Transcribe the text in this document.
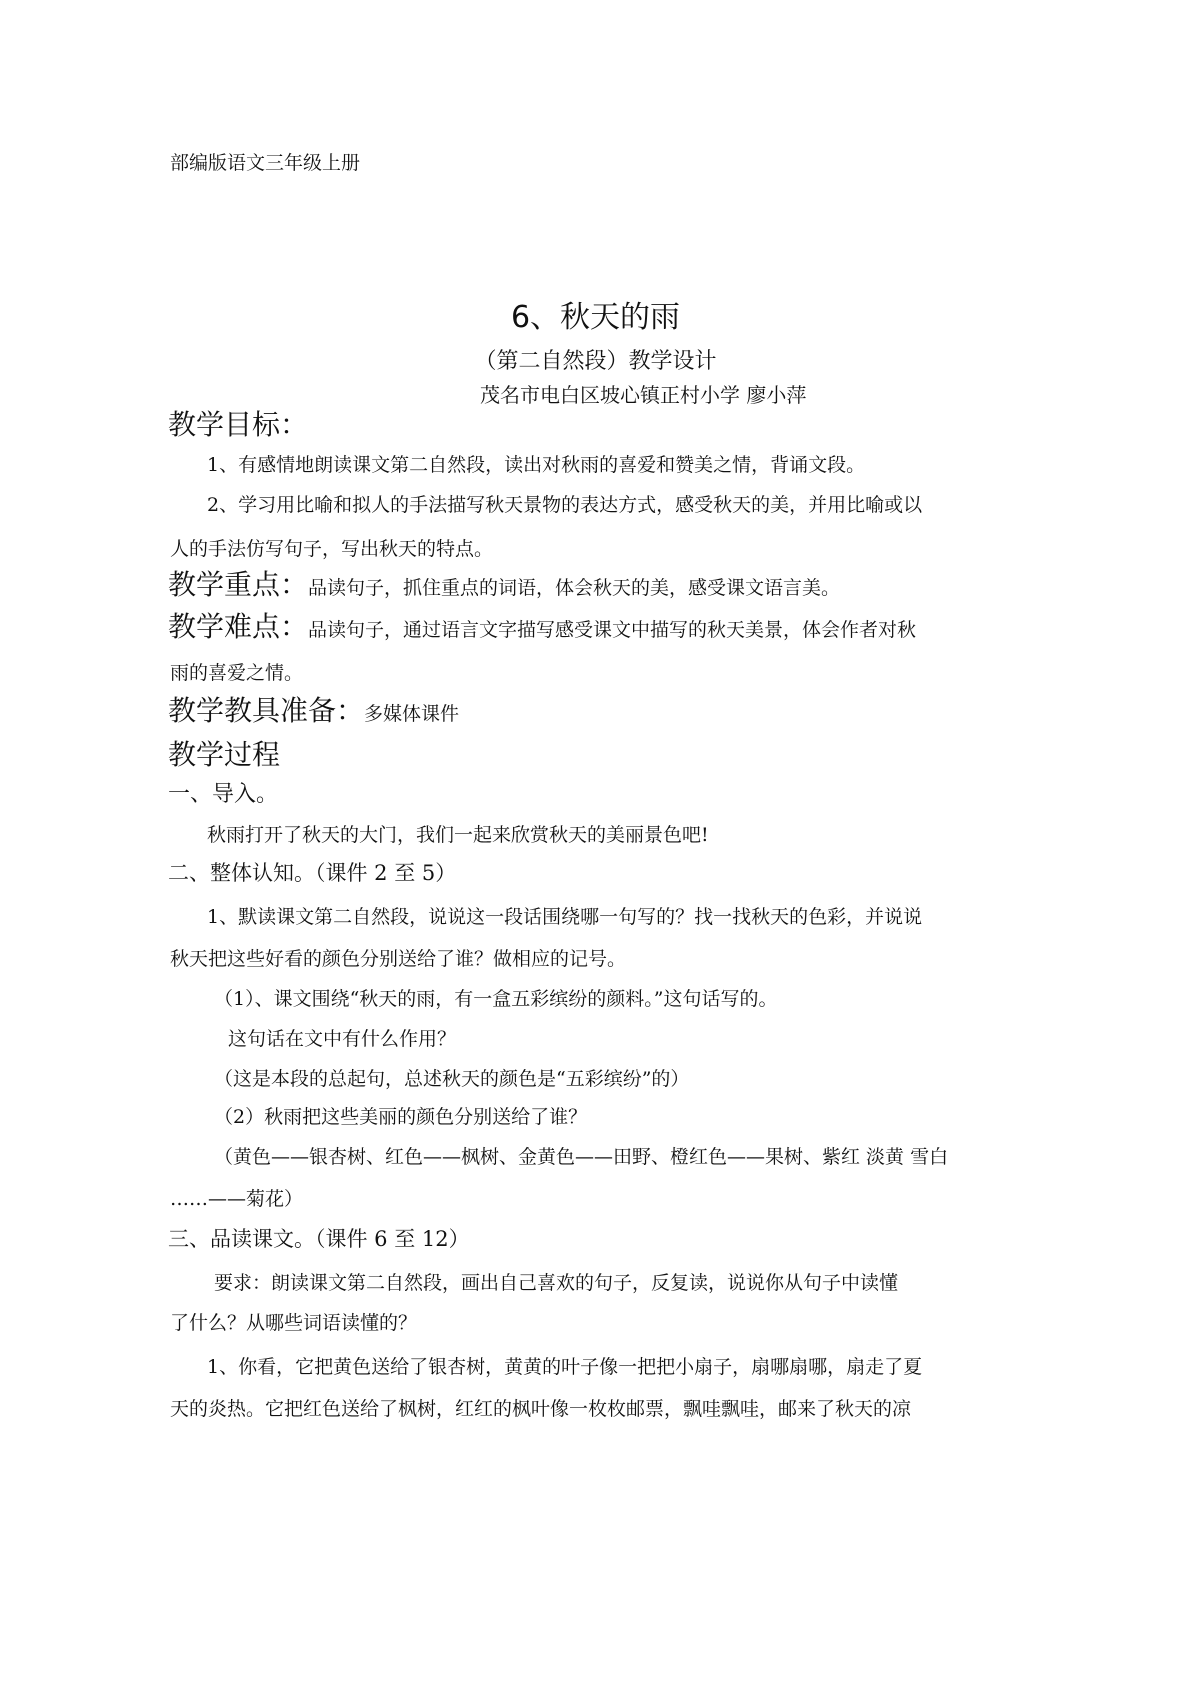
部编版语文三年级上册
6、秋天的雨
（第二自然段）教学设计
茂名市电白区坡心镇正村小学 廖小萍
教学目标：
1、有感情地朗读课文第二自然段，读出对秋雨的喜爱和赞美之情，背诵文段。
2、学习用比喻和拟人的手法描写秋天景物的表达方式，感受秋天的美，并用比喻或以
人的手法仿写句子，写出秋天的特点。
教学重点：品读句子，抓住重点的词语，体会秋天的美，感受课文语言美。
教学难点：品读句子，通过语言文字描写感受课文中描写的秋天美景，体会作者对秋
雨的喜爱之情。
教学教具准备：多媒体课件
教学过程
一、导入。
秋雨打开了秋天的大门，我们一起来欣赏秋天的美丽景色吧!
二、整体认知。（课件 2 至 5）
1、默读课文第二自然段，说说这一段话围绕哪一句写的？找一找秋天的色彩，并说说
秋天把这些好看的颜色分别送给了谁？做相应的记号。
（1）、课文围绕“秋天的雨，有一盒五彩缤纷的颜料。”这句话写的。
这句话在文中有什么作用？
（这是本段的总起句，总述秋天的颜色是“五彩缤纷”的）
（2）秋雨把这些美丽的颜色分别送给了谁？
（黄色——银杏树、红色——枫树、金黄色——田野、橙红色——果树、紫红 淡黄 雪白
……——菊花）
三、品读课文。（课件 6 至 12）
要求：朗读课文第二自然段，画出自己喜欢的句子，反复读，说说你从句子中读懂
了什么？从哪些词语读懂的？
1、你看，它把黄色送给了银杏树，黄黄的叶子像一把把小扇子，扇哪扇哪，扇走了夏
天的炎热。它把红色送给了枫树，红红的枫叶像一枚枚邮票，飘哇飘哇，邮来了秋天的凉
